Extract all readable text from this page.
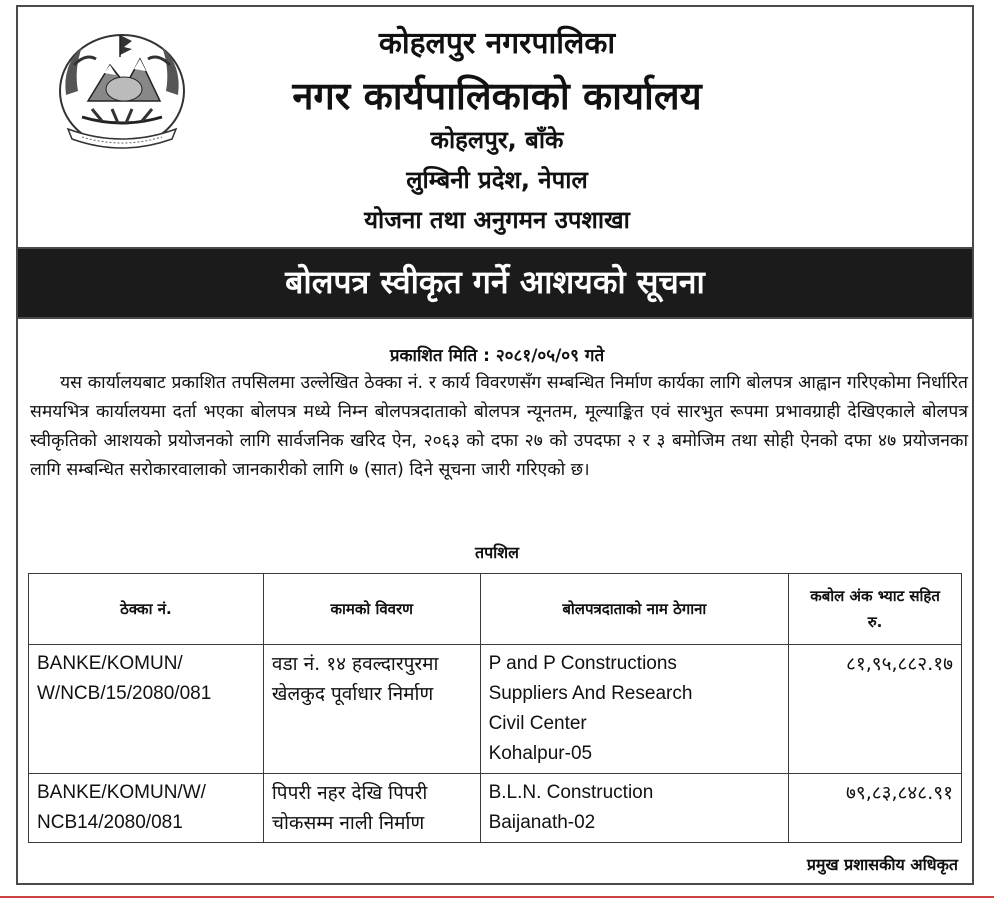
कोहलपुर नगरपालिका
नगर कार्यपालिकाको कार्यालय
कोहलपुर, बाँके
लुम्बिनी प्रदेश, नेपाल
योजना तथा अनुगमन उपशाखा
बोलपत्र स्वीकृत गर्ने आशयको सूचना
प्रकाशित मिति : २०८१/०५/०९ गते

यस कार्यालयबाट प्रकाशित तपसिलमा उल्लेखित ठेक्का नं. र कार्य विवरणसँग सम्बन्धित निर्माण कार्यका लागि बोलपत्र आह्वान गरिएकोमा निर्धारित समयभित्र कार्यालयमा दर्ता भएका बोलपत्र मध्ये निम्न बोलपत्रदाताको बोलपत्र न्यूनतम, मूल्याङ्कित एवं सारभुत रूपमा प्रभावग्राही देखिएकाले बोलपत्र स्वीकृतिको आशयको प्रयोजनको लागि सार्वजनिक खरिद ऐन, २०६३ को दफा २७ को उपदफा २ र ३ बमोजिम तथा सोही ऐनको दफा ४७ प्रयोजनका लागि सम्बन्धित सरोकारवालाको जानकारीको लागि ७ (सात) दिने सूचना जारी गरिएको छ।

तपशिल
ठेक्का नं.	कामको विवरण	बोलपत्रदाताको नाम ठेगाना	कबोल अंक भ्याट सहित रु.
BANKE/KOMUN/
W/NCB/15/2080/081	वडा नं. १४ हवल्दारपुरमा खेलकुद पूर्वाधार निर्माण	P and P Constructions
Suppliers And Research
Civil Center
Kohalpur-05	८१,९५,८८२.१७
BANKE/KOMUN/W/
NCB14/2080/081	पिपरी नहर देखि पिपरी चोकसम्म नाली निर्माण	B.L.N. Construction
Baijanath-02	७९,८३,८४८.९१
प्रमुख प्रशासकीय अधिकृत
